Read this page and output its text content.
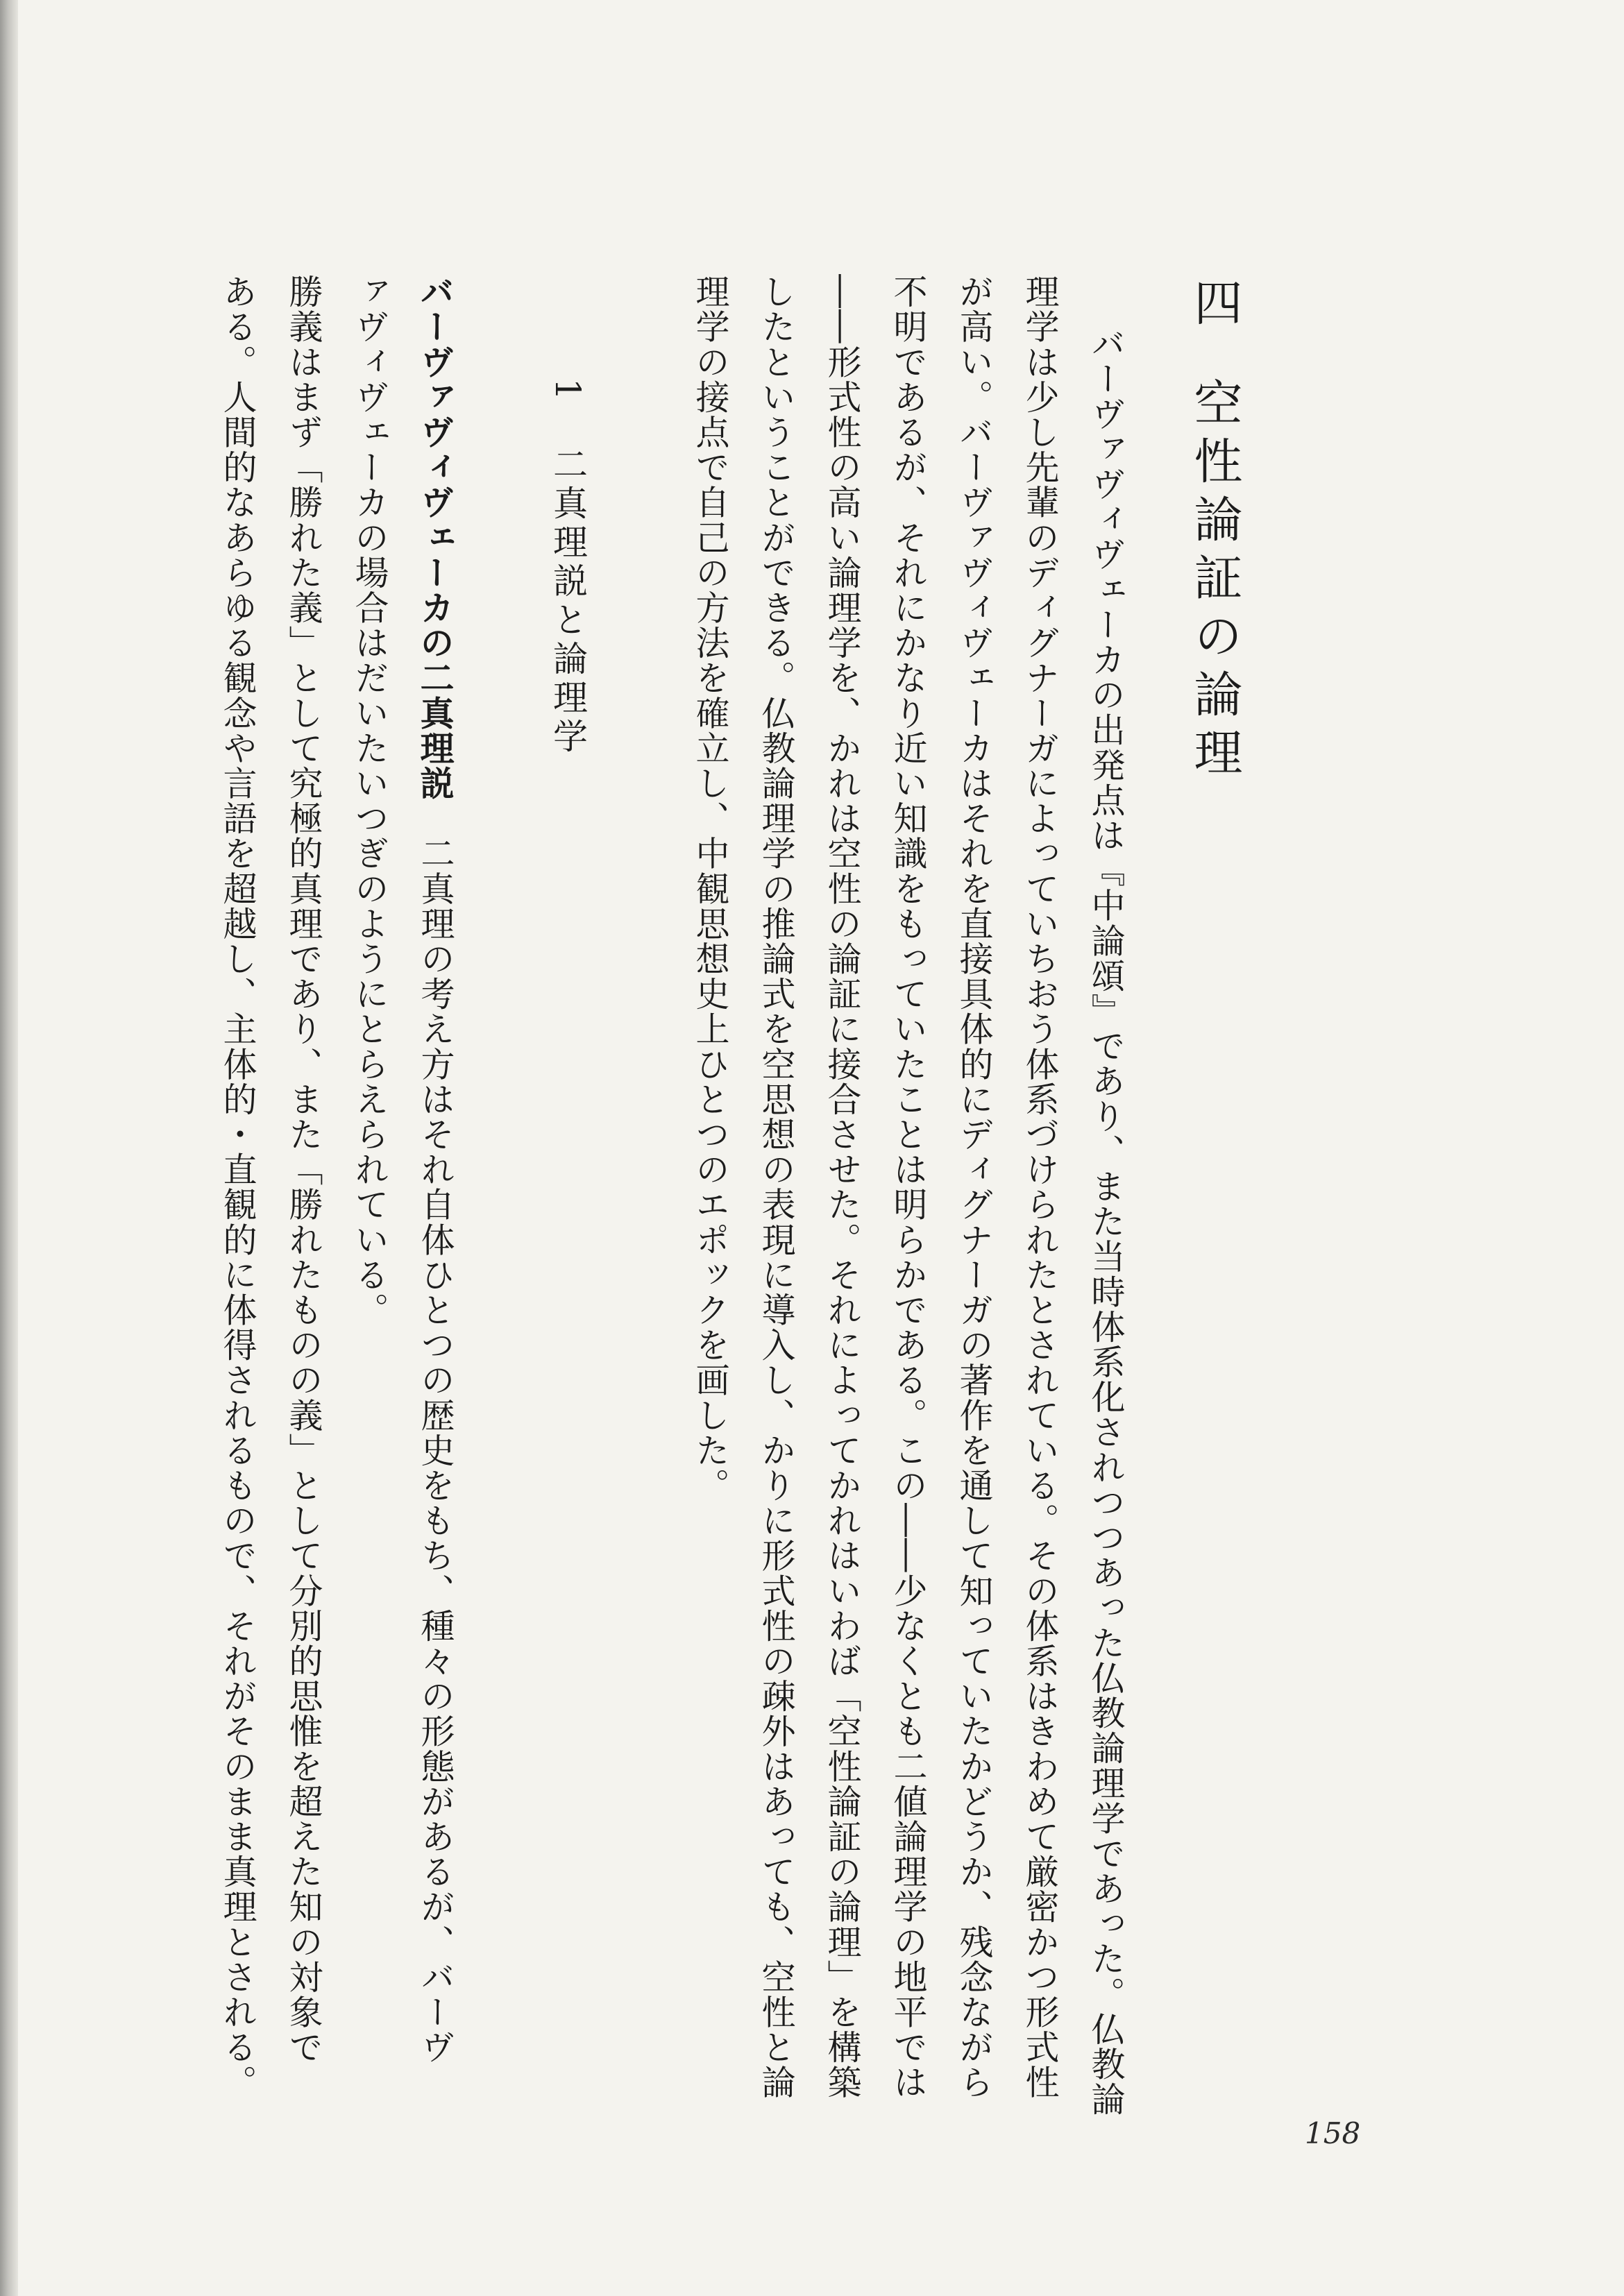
四空性論証の論理

バーヴァヴィヴェーカの出発点は『中論頌』であり、また当時体系化されつつあった仏教論理学であった。仏教論

理学は少し先輩のディグナーガによっていちおう体系づけられたとされている。その体系はきわめて厳密かつ形式性

が高い。バーヴァヴィヴェーカはそれを直接具体的にディグナーガの著作を通して知っていたかどうか、残念ながら

不明であるが、それにかなり近い知識をもっていたことは明らかである。この――少なくとも二値論理学の地平では

――形式性の高い論理学を、かれは空性の論証に接合させた。それによってかれはいわば「空性論証の論理」を構築

したということができる。仏教論理学の推論式を空思想の表現に導入し、かりに形式性の疎外はあっても、空性と論

理学の接点で自己の方法を確立し、中観思想史上ひとつのエポックを画した。

1二真理説と論理学

バーヴァヴィヴェーカの二真理説　二真理の考え方はそれ自体ひとつの歴史をもち、種々の形態があるが、バーヴ

ァヴィヴェーカの場合はだいたいつぎのようにとらえられている。

勝義はまず「勝れた義」として究極的真理であり、また「勝れたものの義」として分別的思惟を超えた知の対象で

ある。人間的なあらゆる観念や言語を超越し、主体的・直観的に体得されるもので、それがそのまま真理とされる。

158
